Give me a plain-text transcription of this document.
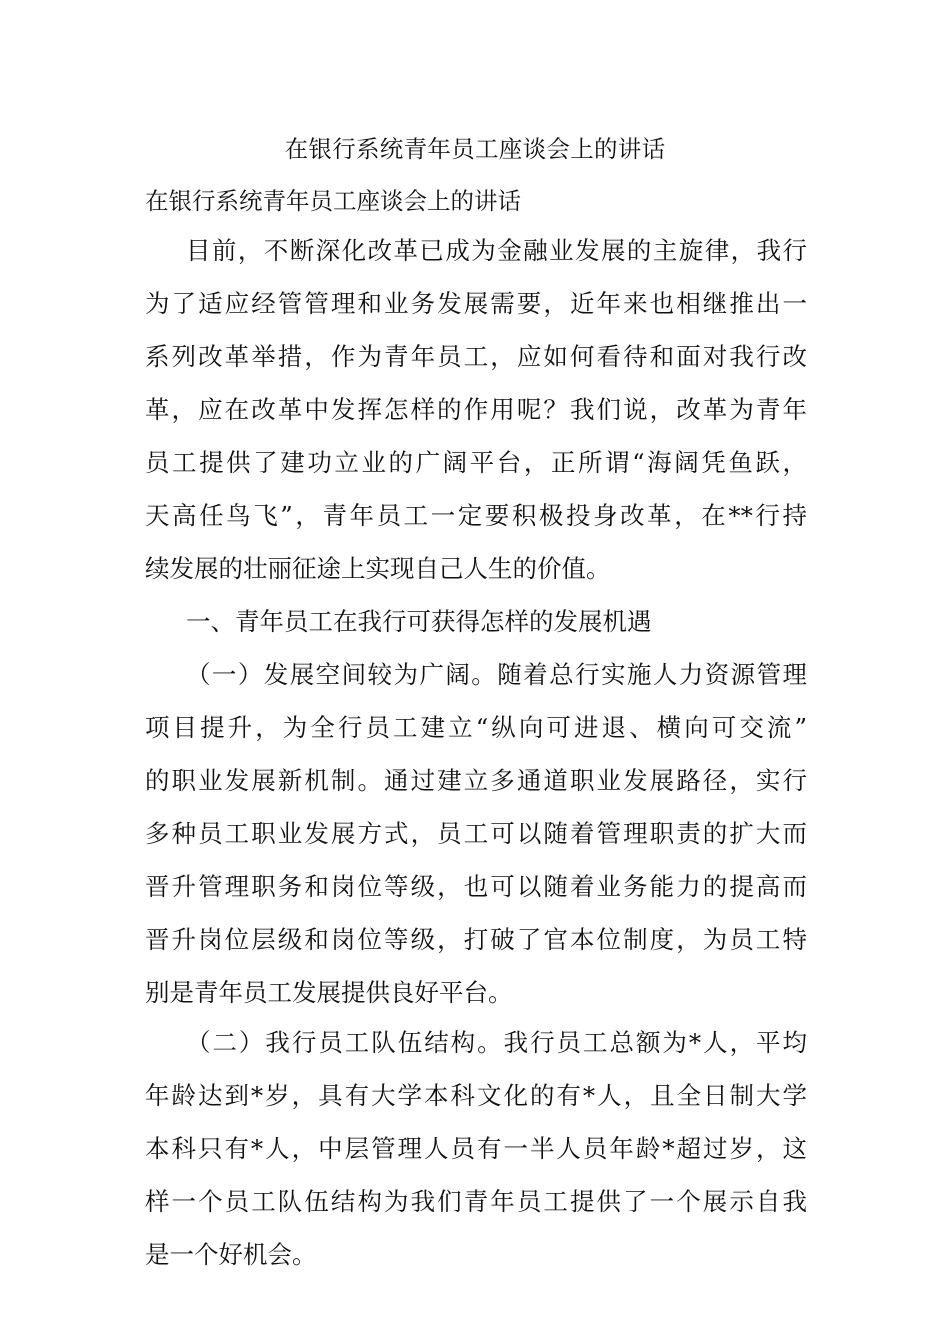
在银行系统青年员工座谈会上的讲话
在银行系统青年员工座谈会上的讲话
目前，不断深化改革已成为金融业发展的主旋律，我行
为了适应经管管理和业务发展需要，近年来也相继推出一
系列改革举措，作为青年员工，应如何看待和面对我行改
革，应在改革中发挥怎样的作用呢？我们说，改革为青年
员工提供了建功立业的广阔平台，正所谓“海阔凭鱼跃，
天高任鸟飞”，青年员工一定要积极投身改革，在**行持
续发展的壮丽征途上实现自己人生的价值。
一、青年员工在我行可获得怎样的发展机遇
（一）发展空间较为广阔。随着总行实施人力资源管理
项目提升，为全行员工建立“纵向可进退、横向可交流”
的职业发展新机制。通过建立多通道职业发展路径，实行
多种员工职业发展方式，员工可以随着管理职责的扩大而
晋升管理职务和岗位等级，也可以随着业务能力的提高而
晋升岗位层级和岗位等级，打破了官本位制度，为员工特
别是青年员工发展提供良好平台。
（二）我行员工队伍结构。我行员工总额为*人，平均
年龄达到*岁，具有大学本科文化的有*人，且全日制大学
本科只有*人，中层管理人员有一半人员年龄*超过岁，这
样一个员工队伍结构为我们青年员工提供了一个展示自我
是一个好机会。
